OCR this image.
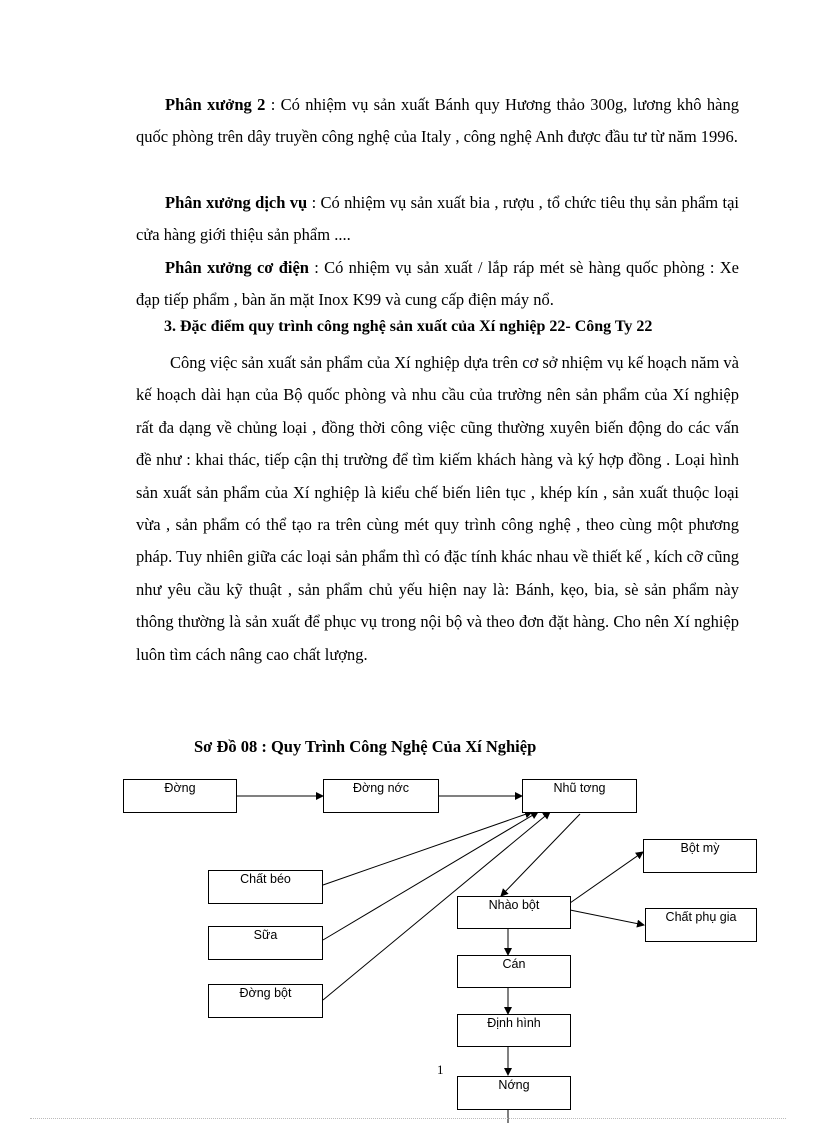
Phân xưởng 2 : Có nhiệm vụ sản xuất Bánh quy Hương thảo 300g, lương khô hàng quốc phòng trên dây truyền công nghệ của Italy , công nghệ Anh được đầu tư từ năm 1996.

Phân xưởng dịch vụ : Có nhiệm vụ sản xuất bia , rượu , tổ chức tiêu thụ sản phẩm tại cửa hàng giới thiệu sản phẩm ....

Phân xưởng cơ điện : Có nhiệm vụ sản xuất / lắp ráp mét sè hàng quốc phòng : Xe đạp tiếp phẩm , bàn ăn mặt Inox K99 và cung cấp điện máy nổ.

3. Đặc điểm quy trình công nghệ sản xuất của Xí nghiệp 22- Công Ty 22

Công việc sản xuất sản phẩm của Xí nghiệp dựa trên cơ sở nhiệm vụ kế hoạch năm và kế hoạch dài hạn của Bộ quốc phòng và nhu cầu của trường nên sản phẩm của Xí nghiệp rất đa dạng về chủng loại , đồng thời công việc cũng thường xuyên biến động do các vấn đề như : khai thác, tiếp cận thị trường để tìm kiếm khách hàng và ký hợp đồng . Loại hình sản xuất sản phẩm của Xí nghiệp là kiểu chế biến liên tục , khép kín , sản xuất thuộc loại vừa , sản phẩm có thể tạo ra trên cùng mét quy trình công nghệ , theo cùng một phương pháp. Tuy nhiên giữa các loại sản phẩm thì có đặc tính khác nhau về thiết kế , kích cỡ cũng như yêu cầu kỹ thuật , sản phẩm chủ yếu hiện nay là: Bánh, kẹo, bia, sè sản phẩm này thông thường là sản xuất để phục vụ trong nội bộ và theo đơn đặt hàng. Cho nên Xí nghiệp luôn tìm cách nâng cao chất lượng.

Sơ Đồ 08 : Quy Trình Công Nghệ Của Xí Nghiệp

Đờng	Đờng nớc	Nhũ tơng
Chất béo
Sữa
Đờng bột
Bột mỳ
Nhào bột
Chất phụ gia
Cán
Định hình
Nớng
1
